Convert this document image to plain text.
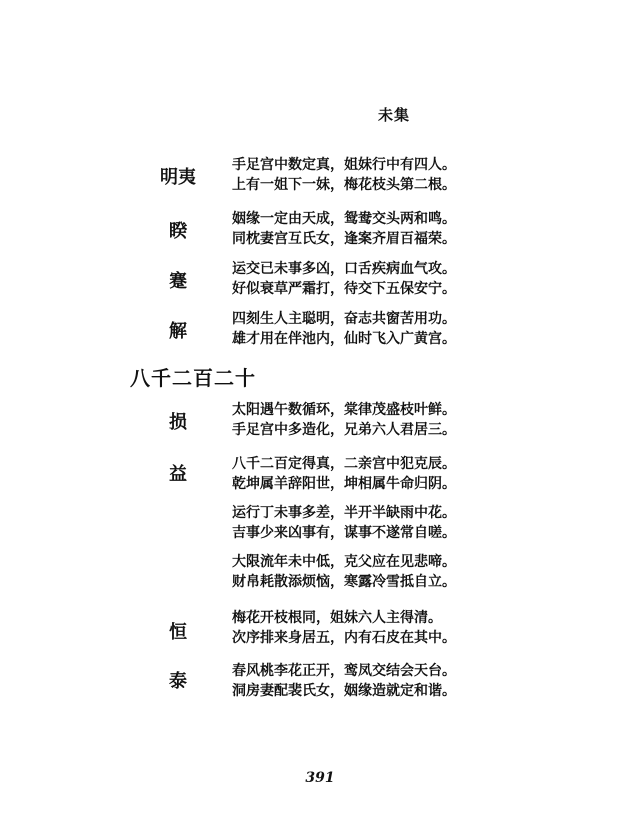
未集
明夷
手足宫中数定真，姐妹行中有四人。
上有一姐下一妹，梅花枝头第二根。
睽
姻缘一定由天成，鸳鸯交头两和鸣。
同枕妻宫互氏女，逢案齐眉百福荣。
蹇
运交已未事多凶，口舌疾病血气攻。
好似衰草严霜打，待交下五保安宁。
解
四刻生人主聪明，奋志共窗苦用功。
雄才用在伴池内，仙时飞入广黄宫。
八千二百二十
损
太阳遇午数循环，棠律茂盛枝叶鲜。
手足宫中多造化，兄弟六人君居三。
益	八千二百定得真，二亲宫中犯克辰。
乾坤属羊辞阳世，坤相属牛命归阴。
运行丁未事多差，半开半缺雨中花。
吉事少来凶事有，谋事不遂常自嗟。
大限流年未中低，克父应在见悲啼。
财帛耗散添烦恼，寒露冷雪抵自立。
恒
梅花开枝根同，姐妹六人主得清。
次序排来身居五，内有石皮在其中。
泰	春风桃李花正开，鸾凤交结会天台。
洞房妻配裴氏女，姻缘造就定和谐。
391
